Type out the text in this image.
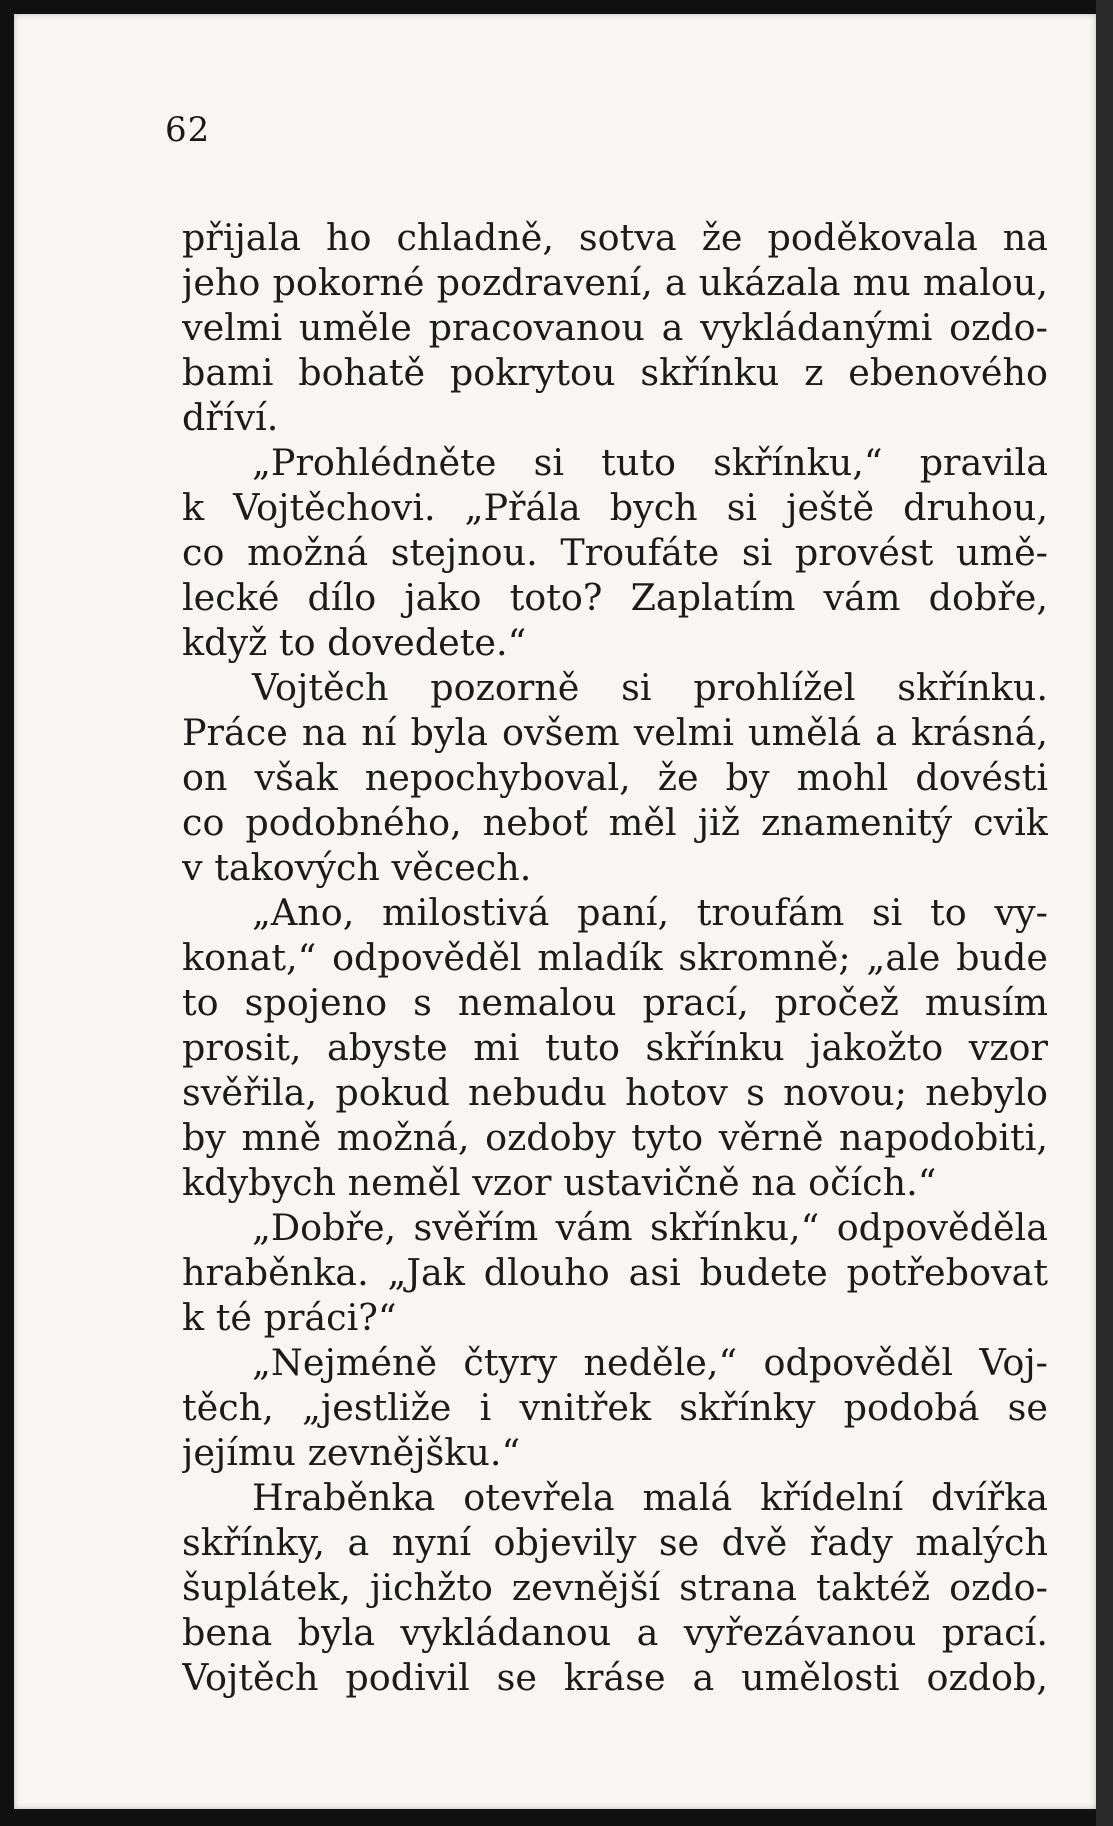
62
přijala ho chladně, sotva že poděkovala na
jeho pokorné pozdravení, a ukázala mu malou,
velmi uměle pracovanou a vykládanými ozdo-
bami bohatě pokrytou skřínku z ebenového
dříví.
„Prohlédněte si tuto skřínku,“ pravila
k Vojtěchovi. „Přála bych si ještě druhou,
co možná stejnou. Troufáte si provést umě-
lecké dílo jako toto? Zaplatím vám dobře,
když to dovedete.“
Vojtěch pozorně si prohlížel skřínku.
Práce na ní byla ovšem velmi umělá a krásná,
on však nepochyboval, že by mohl dovésti
co podobného, neboť měl již znamenitý cvik
v takových věcech.
„Ano, milostivá paní, troufám si to vy-
konat,“ odpověděl mladík skromně; „ale bude
to spojeno s nemalou prací, pročež musím
prosit, abyste mi tuto skřínku jakožto vzor
svěřila, pokud nebudu hotov s novou; nebylo
by mně možná, ozdoby tyto věrně napodobiti,
kdybych neměl vzor ustavičně na očích.“
„Dobře, svěřím vám skřínku,“ odpověděla
hraběnka. „Jak dlouho asi budete potřebovat
k té práci?“
„Nejméně čtyry neděle,“ odpověděl Voj-
těch, „jestliže i vnitřek skřínky podobá se
jejímu zevnějšku.“
Hraběnka otevřela malá křídelní dvířka
skřínky, a nyní objevily se dvě řady malých
šuplátek, jichžto zevnější strana taktéž ozdo-
bena byla vykládanou a vyřezávanou prací.
Vojtěch podivil se kráse a umělosti ozdob,
